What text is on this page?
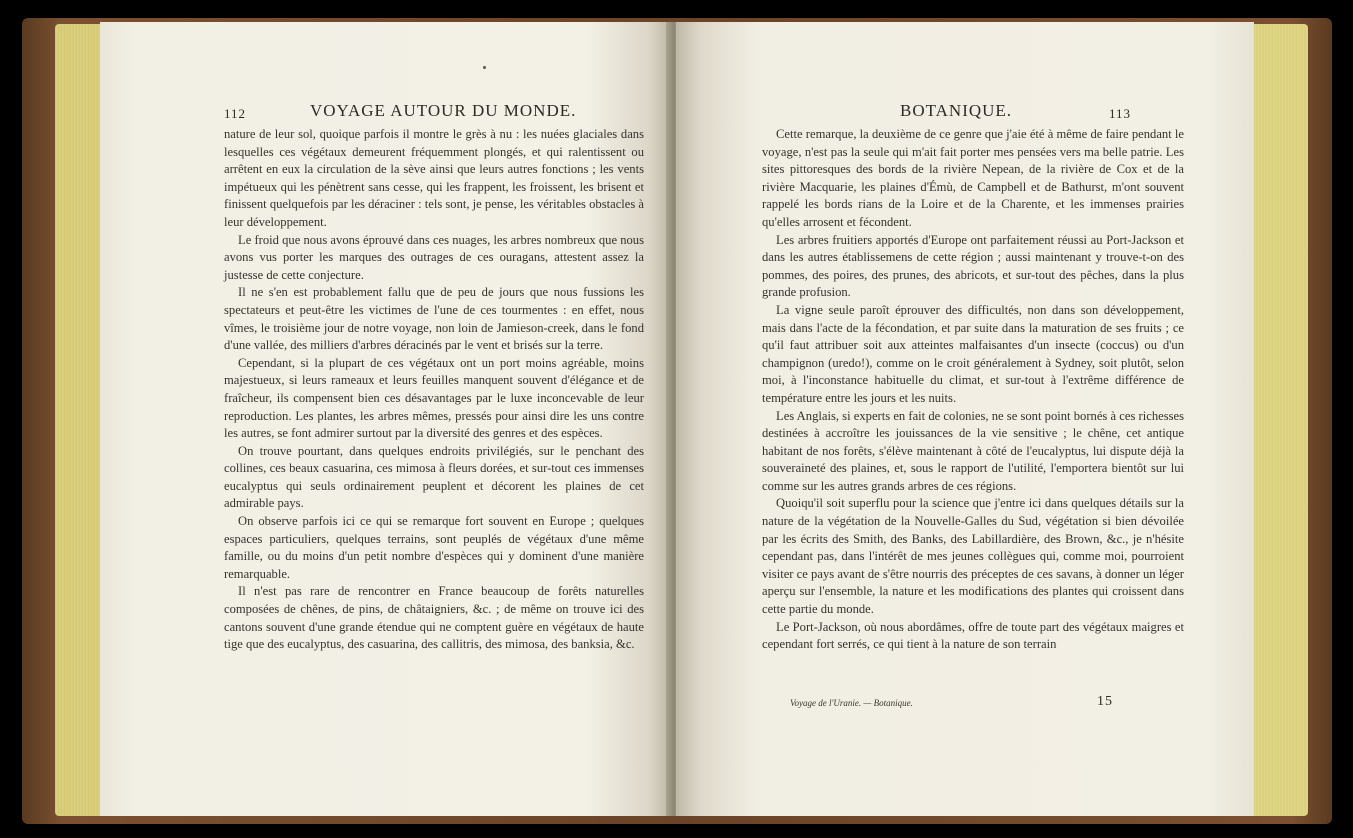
112	VOYAGE AUTOUR DU MONDE.

nature de leur sol, quoique parfois il montre le grès à nu : les nuées glaciales dans lesquelles ces végétaux demeurent fréquemment plongés, et qui ralentissent ou arrêtent en eux la circulation de la sève ainsi que leurs autres fonctions ; les vents impétueux qui les pénètrent sans cesse, qui les frappent, les froissent, les brisent et finissent quelquefois par les déraciner : tels sont, je pense, les véritables obstacles à leur développement.

Le froid que nous avons éprouvé dans ces nuages, les arbres nombreux que nous avons vus porter les marques des outrages de ces ouragans, attestent assez la justesse de cette conjecture.

Il ne s'en est probablement fallu que de peu de jours que nous fussions les spectateurs et peut-être les victimes de l'une de ces tourmentes : en effet, nous vîmes, le troisième jour de notre voyage, non loin de Jamieson-creek, dans le fond d'une vallée, des milliers d'arbres déracinés par le vent et brisés sur la terre.

Cependant, si la plupart de ces végétaux ont un port moins agréable, moins majestueux, si leurs rameaux et leurs feuilles manquent souvent d'élégance et de fraîcheur, ils compensent bien ces désavantages par le luxe inconcevable de leur reproduction. Les plantes, les arbres mêmes, pressés pour ainsi dire les uns contre les autres, se font admirer surtout par la diversité des genres et des espèces.

On trouve pourtant, dans quelques endroits privilégiés, sur le penchant des collines, ces beaux casuarina, ces mimosa à fleurs dorées, et sur-tout ces immenses eucalyptus qui seuls ordinairement peuplent et décorent les plaines de cet admirable pays.

On observe parfois ici ce qui se remarque fort souvent en Europe ; quelques espaces particuliers, quelques terrains, sont peuplés de végétaux d'une même famille, ou du moins d'un petit nombre d'espèces qui y dominent d'une manière remarquable.

Il n'est pas rare de rencontrer en France beaucoup de forêts naturelles composées de chênes, de pins, de châtaigniers, &c. ; de même on trouve ici des cantons souvent d'une grande étendue qui ne comptent guère en végétaux de haute tige que des eucalyptus, des casuarina, des callitris, des mimosa, des banksia, &c.

BOTANIQUE.	113

Cette remarque, la deuxième de ce genre que j'aie été à même de faire pendant le voyage, n'est pas la seule qui m'ait fait porter mes pensées vers ma belle patrie. Les sites pittoresques des bords de la rivière Nepean, de la rivière de Cox et de la rivière Macquarie, les plaines d'Émù, de Campbell et de Bathurst, m'ont souvent rappelé les bords rians de la Loire et de la Charente, et les immenses prairies qu'elles arrosent et fécondent.

Les arbres fruitiers apportés d'Europe ont parfaitement réussi au Port-Jackson et dans les autres établissemens de cette région ; aussi maintenant y trouve-t-on des pommes, des poires, des prunes, des abricots, et sur-tout des pêches, dans la plus grande profusion.

La vigne seule paroît éprouver des difficultés, non dans son développement, mais dans l'acte de la fécondation, et par suite dans la maturation de ses fruits ; ce qu'il faut attribuer soit aux atteintes malfaisantes d'un insecte (coccus) ou d'un champignon (uredo!), comme on le croit généralement à Sydney, soit plutôt, selon moi, à l'inconstance habituelle du climat, et sur-tout à l'extrême différence de température entre les jours et les nuits.

Les Anglais, si experts en fait de colonies, ne se sont point bornés à ces richesses destinées à accroître les jouissances de la vie sensitive ; le chêne, cet antique habitant de nos forêts, s'élève maintenant à côté de l'eucalyptus, lui dispute déjà la souveraineté des plaines, et, sous le rapport de l'utilité, l'emportera bientôt sur lui comme sur les autres grands arbres de ces régions.

Quoiqu'il soit superflu pour la science que j'entre ici dans quelques détails sur la nature de la végétation de la Nouvelle-Galles du Sud, végétation si bien dévoilée par les écrits des Smith, des Banks, des Labillardière, des Brown, &c., je n'hésite cependant pas, dans l'intérêt de mes jeunes collègues qui, comme moi, pourroient visiter ce pays avant de s'être nourris des préceptes de ces savans, à donner un léger aperçu sur l'ensemble, la nature et les modifications des plantes qui croissent dans cette partie du monde.

Le Port-Jackson, où nous abordâmes, offre de toute part des végétaux maigres et cependant fort serrés, ce qui tient à la nature de son terrain

Voyage de l'Uranie. — Botanique.	15
